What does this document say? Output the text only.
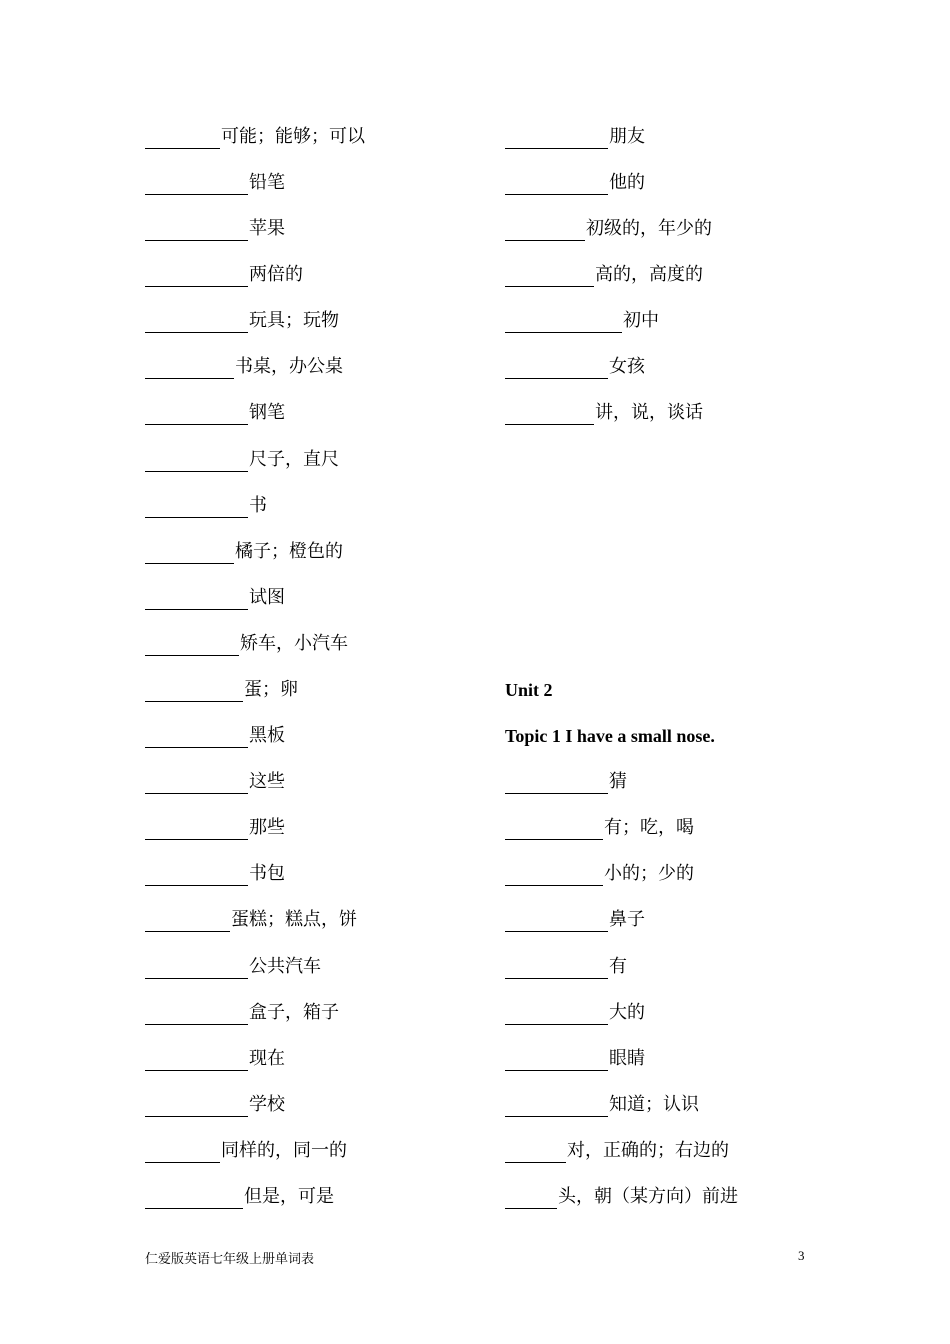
可能；能够；可以
铅笔
苹果
两倍的
玩具；玩物
书桌，办公桌
钢笔
尺子，直尺
书
橘子；橙色的
试图
矫车，小汽车
蛋；卵
黑板
这些
那些
书包
蛋糕；糕点，饼
公共汽车
盒子，箱子
现在
学校
同样的，同一的
但是，可是
朋友
他的
初级的，年少的
高的，高度的
初中
女孩
讲，说，谈话
Unit 2
Topic 1 I have a small nose.
猜
有；吃，喝
小的；少的
鼻子
有
大的
眼睛
知道；认识
对，正确的；右边的
头，朝（某方向）前进
仁爱版英语七年级上册单词表	3
